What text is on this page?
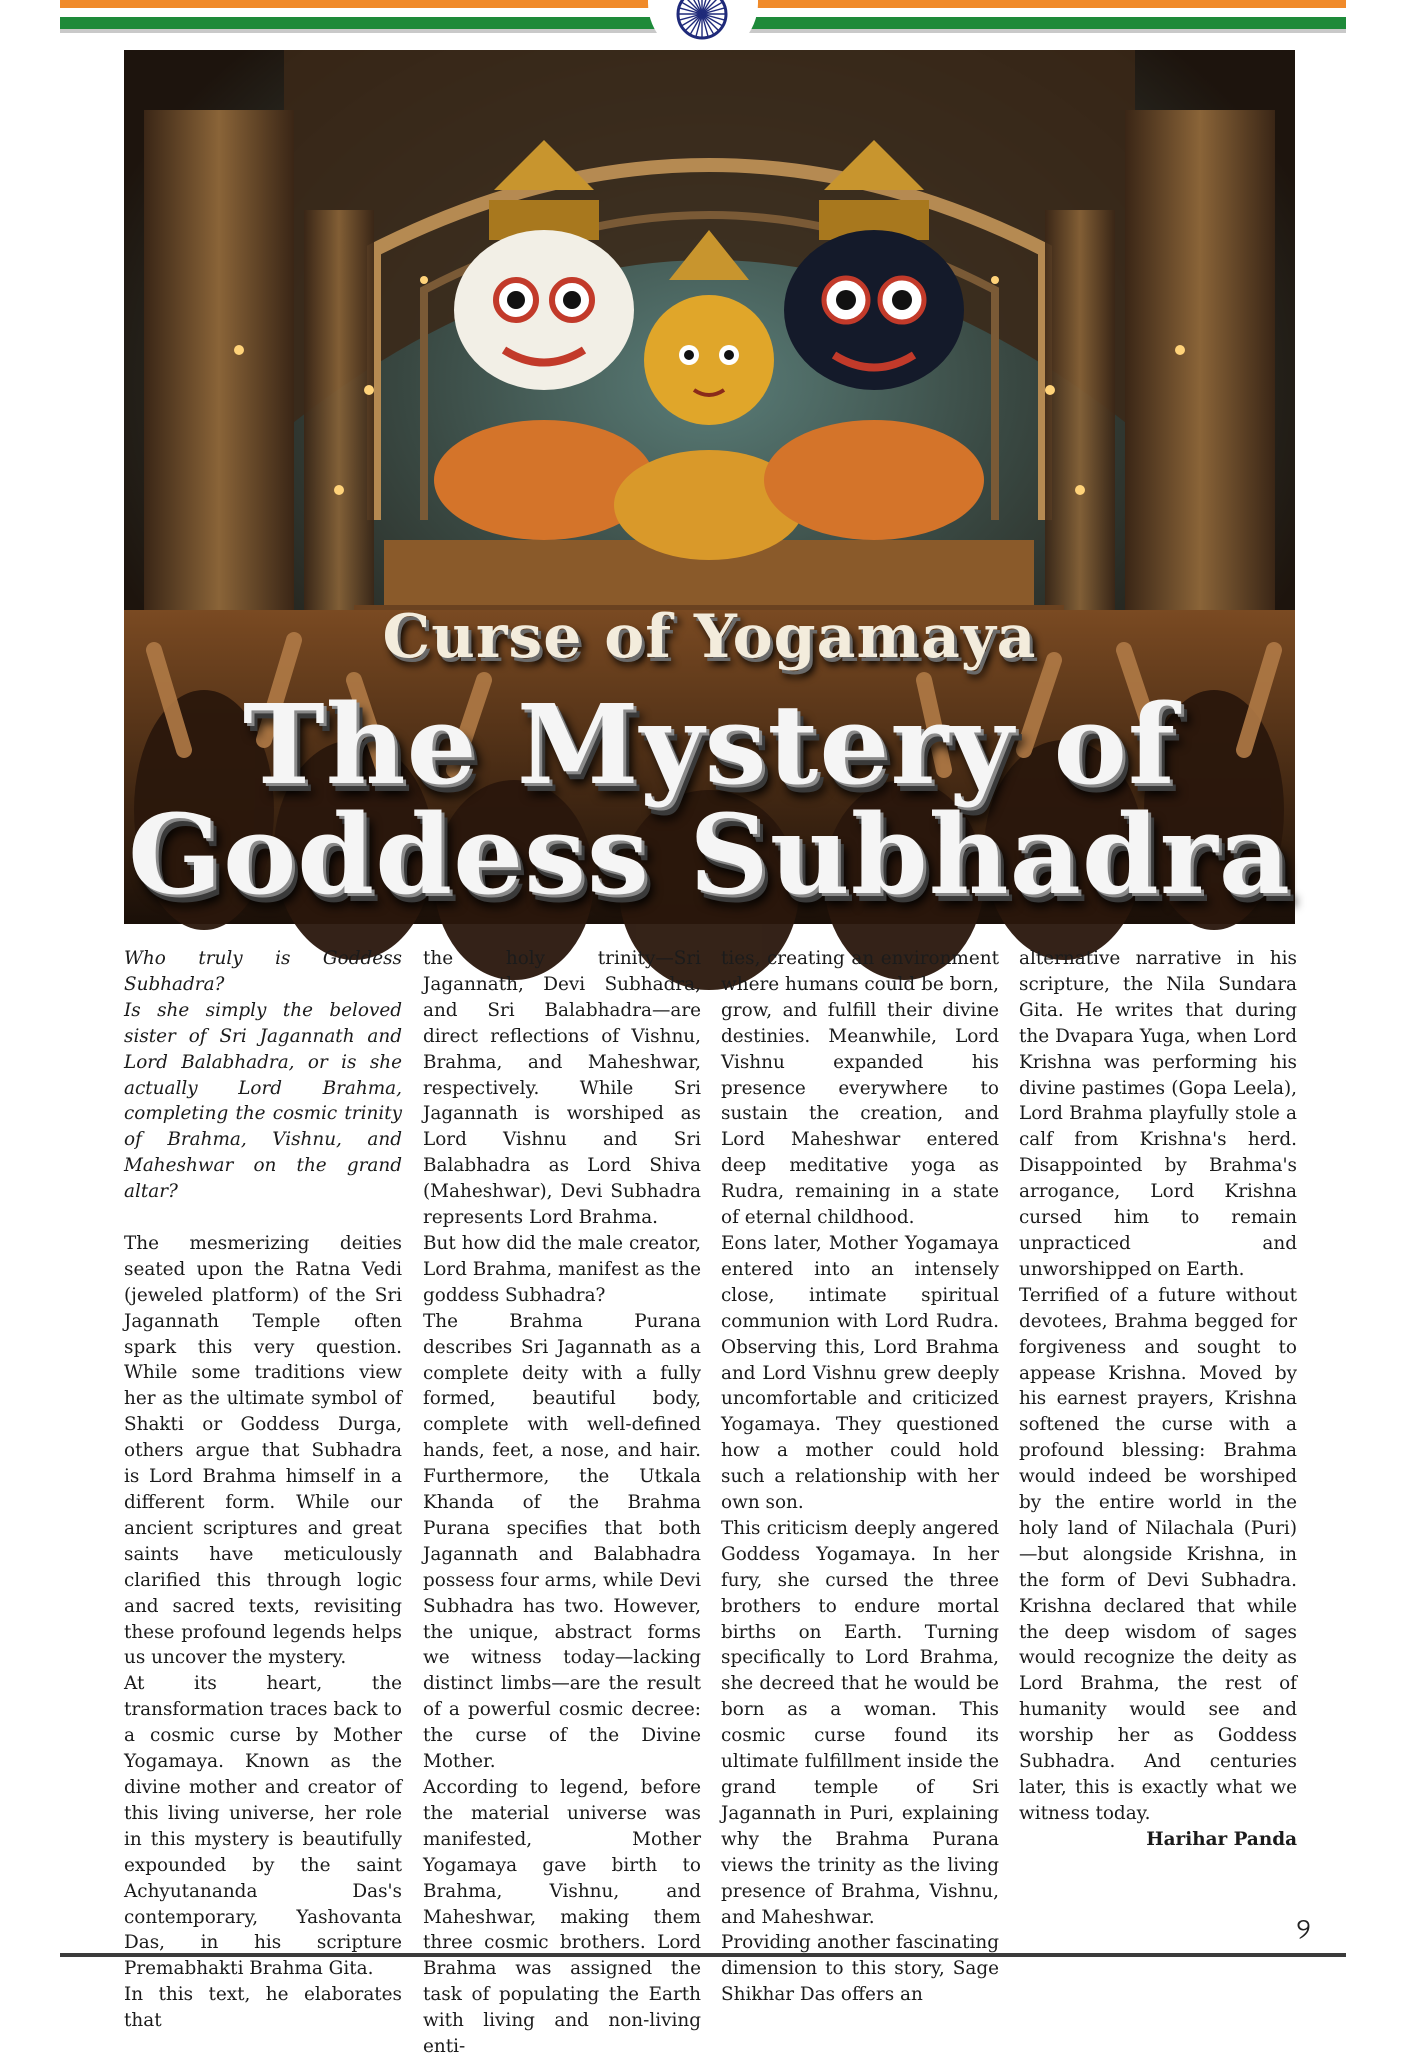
Curse of Yogamaya
The Mystery of
Goddess Subhadra

Who truly is Goddess Subhadra?

Is she simply the beloved sister of Sri Jagannath and Lord Balabhadra, or is she actually Lord Brahma, completing the cosmic trinity of Brahma, Vishnu, and Maheshwar on the grand altar?

The mesmerizing deities seated upon the Ratna Vedi (jeweled platform) of the Sri Jagannath Temple often spark this very question. While some traditions view her as the ultimate symbol of Shakti or Goddess Durga, others argue that Subhadra is Lord Brahma himself in a different form. While our ancient scriptures and great saints have meticulously clarified this through logic and sacred texts, revisiting these profound legends helps us uncover the mystery.

At its heart, the transformation traces back to a cosmic curse by Mother Yogamaya. Known as the divine mother and creator of this living universe, her role in this mystery is beautifully expounded by the saint Achyutananda Das's contemporary, Yashovanta Das, in his scripture Premabhakti Brahma Gita.

In this text, he elaborates that

the holy trinity—Sri Jagannath, Devi Subhadra, and Sri Balabhadra—are direct reflections of Vishnu, Brahma, and Maheshwar, respectively. While Sri Jagannath is worshiped as Lord Vishnu and Sri Balabhadra as Lord Shiva (Maheshwar), Devi Subhadra represents Lord Brahma.

But how did the male creator, Lord Brahma, manifest as the goddess Subhadra?

The Brahma Purana describes Sri Jagannath as a complete deity with a fully formed, beautiful body, complete with well-defined hands, feet, a nose, and hair. Furthermore, the Utkala Khanda of the Brahma Purana specifies that both Jagannath and Balabhadra possess four arms, while Devi Subhadra has two. However, the unique, abstract forms we witness today—lacking distinct limbs—are the result of a powerful cosmic decree: the curse of the Divine Mother.

According to legend, before the material universe was manifested, Mother Yogamaya gave birth to Brahma, Vishnu, and Maheshwar, making them three cosmic brothers. Lord Brahma was assigned the task of populating the Earth with living and non-living enti-

ties, creating an environment where humans could be born, grow, and fulfill their divine destinies. Meanwhile, Lord Vishnu expanded his presence everywhere to sustain the creation, and Lord Maheshwar entered deep meditative yoga as Rudra, remaining in a state of eternal childhood.

Eons later, Mother Yogamaya entered into an intensely close, intimate spiritual communion with Lord Rudra. Observing this, Lord Brahma and Lord Vishnu grew deeply uncomfortable and criticized Yogamaya. They questioned how a mother could hold such a relationship with her own son.

This criticism deeply angered Goddess Yogamaya. In her fury, she cursed the three brothers to endure mortal births on Earth. Turning specifically to Lord Brahma, she decreed that he would be born as a woman. This cosmic curse found its ultimate fulfillment inside the grand temple of Sri Jagannath in Puri, explaining why the Brahma Purana views the trinity as the living presence of Brahma, Vishnu, and Maheshwar.

Providing another fascinating dimension to this story, Sage Shikhar Das offers an

alternative narrative in his scripture, the Nila Sundara Gita. He writes that during the Dvapara Yuga, when Lord Krishna was performing his divine pastimes (Gopa Leela), Lord Brahma playfully stole a calf from Krishna's herd. Disappointed by Brahma's arrogance, Lord Krishna cursed him to remain unpracticed and unworshipped on Earth.

Terrified of a future without devotees, Brahma begged for forgiveness and sought to appease Krishna. Moved by his earnest prayers, Krishna softened the curse with a profound blessing: Brahma would indeed be worshiped by the entire world in the holy land of Nilachala (Puri)—but alongside Krishna, in the form of Devi Subhadra. Krishna declared that while the deep wisdom of sages would recognize the deity as Lord Brahma, the rest of humanity would see and worship her as Goddess Subhadra. And centuries later, this is exactly what we witness today.

Harihar Panda

୨
